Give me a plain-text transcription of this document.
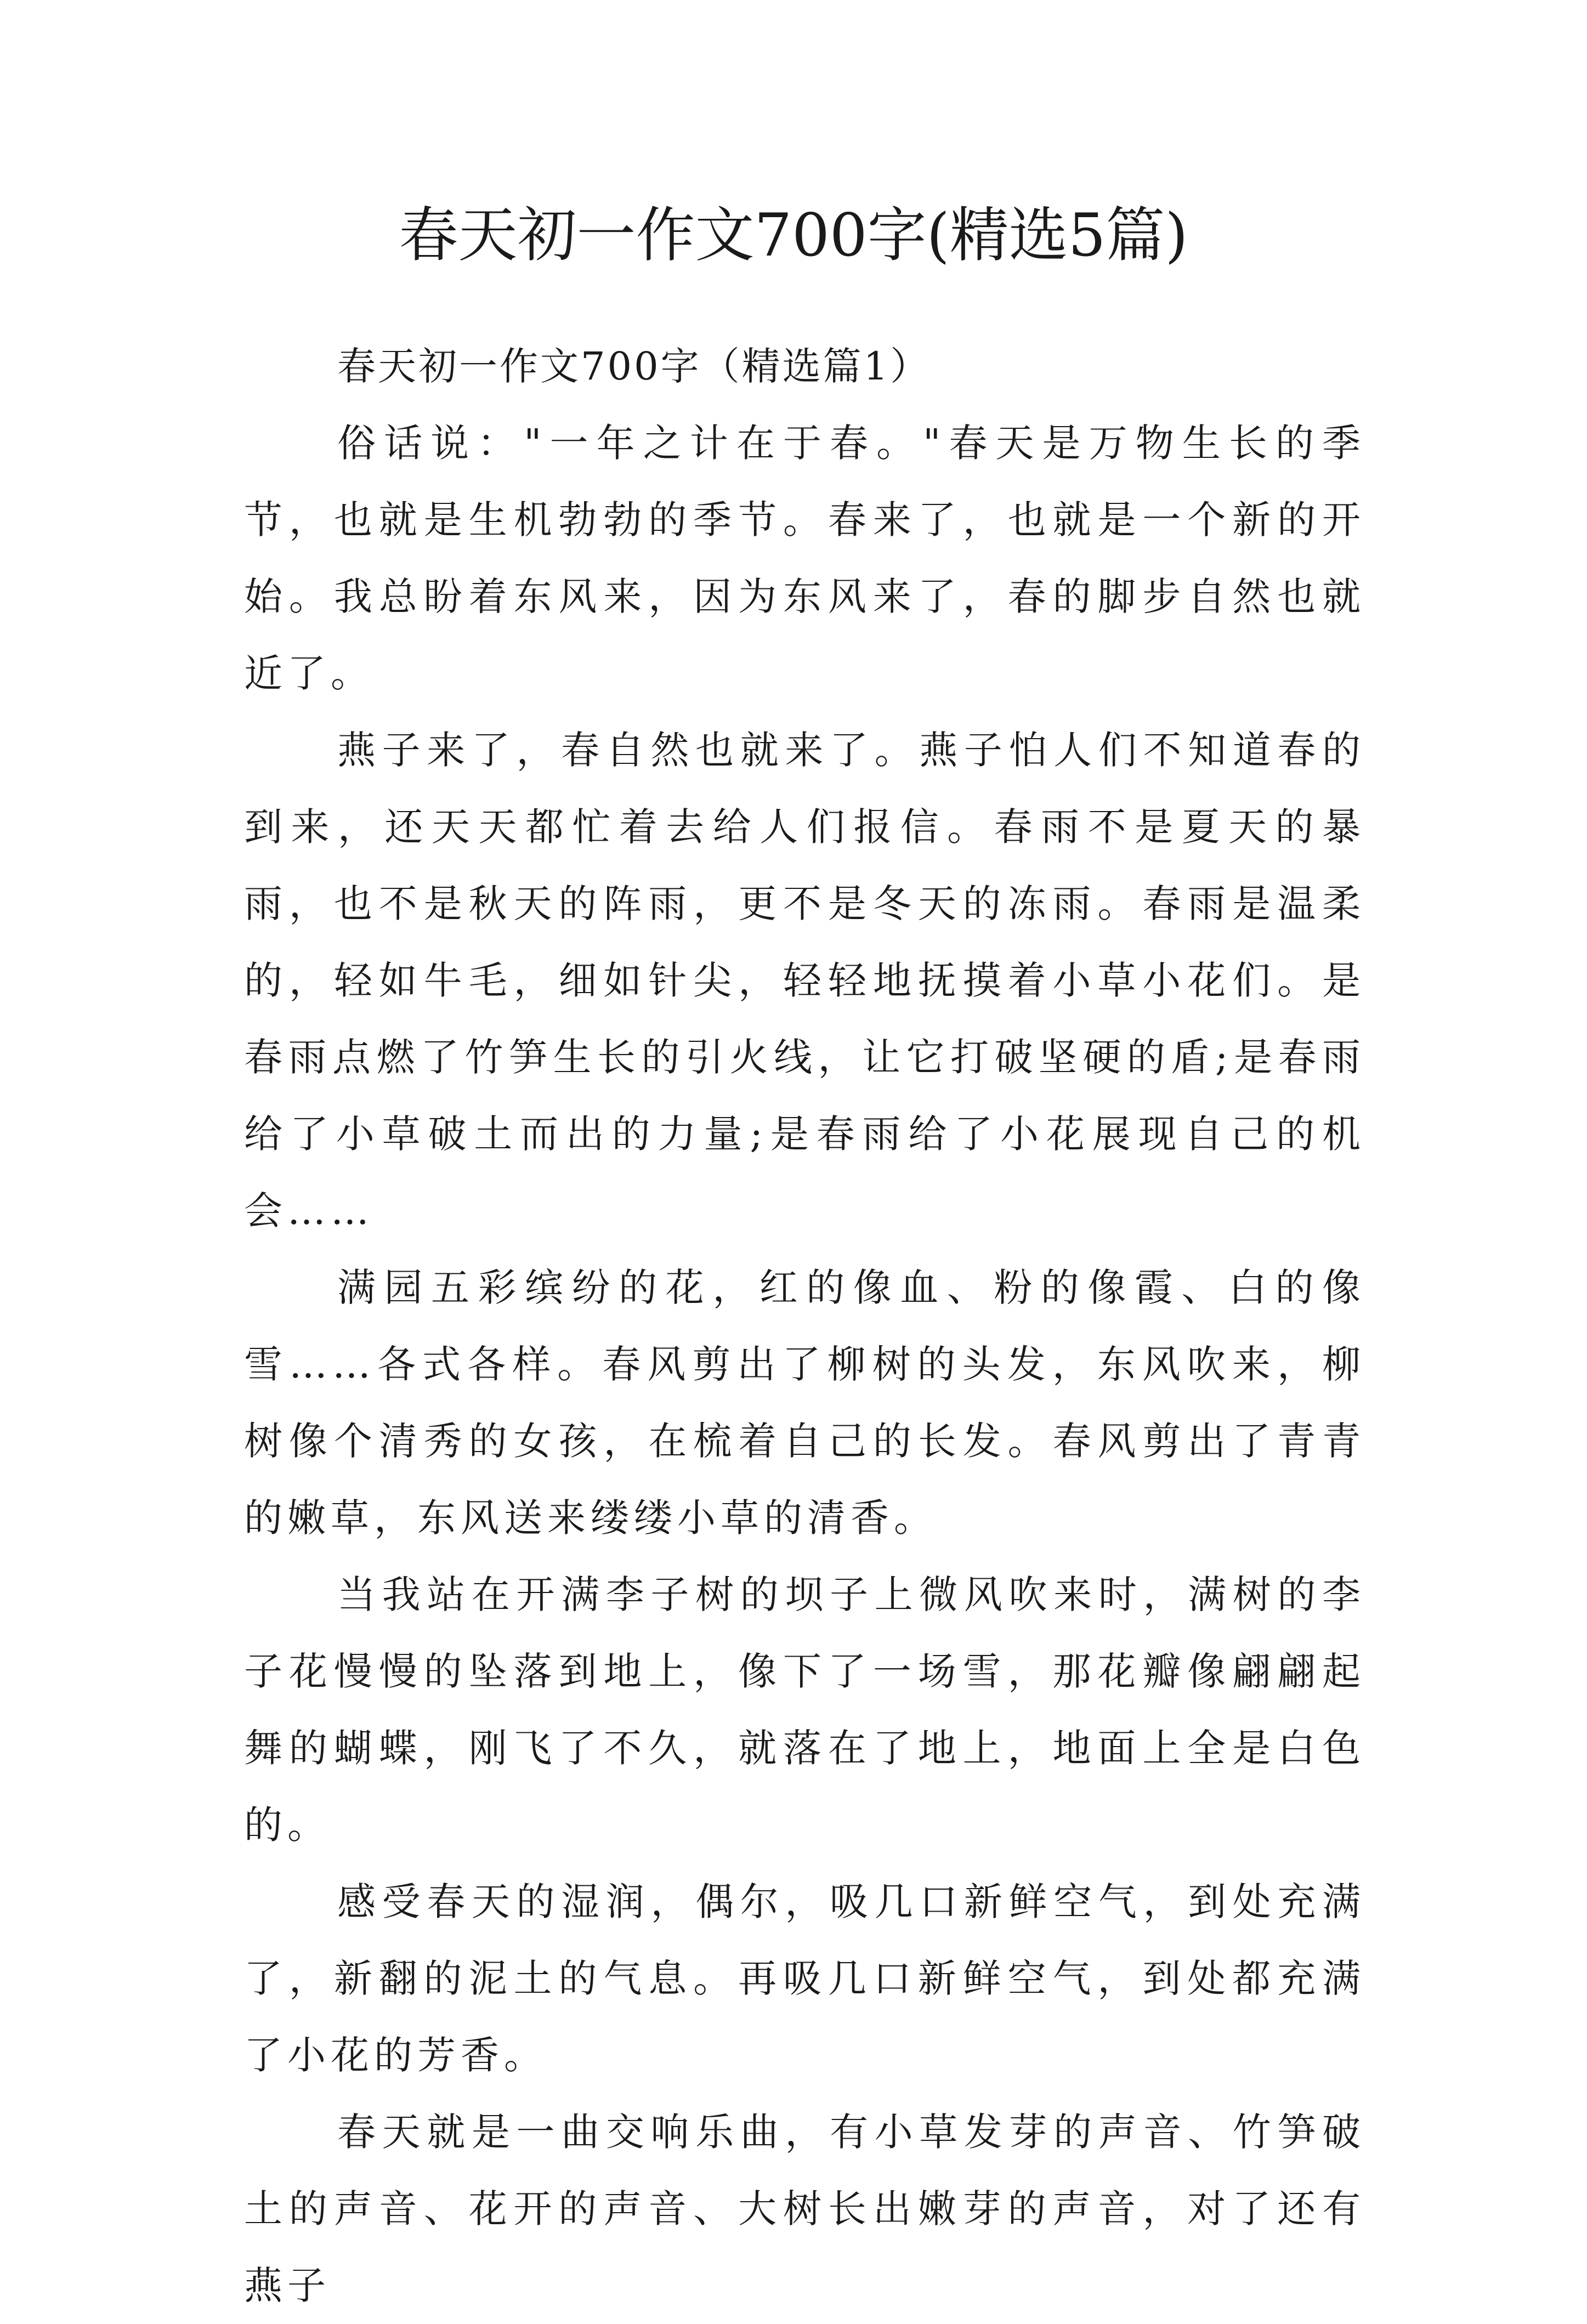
春天初一作文700字(精选5篇)

春天初一作文700字（精选篇1）

俗话说："一年之计在于春。"春天是万物生长的季节，也就是生机勃勃的季节。春来了，也就是一个新的开始。我总盼着东风来，因为东风来了，春的脚步自然也就近了。

燕子来了，春自然也就来了。燕子怕人们不知道春的到来，还天天都忙着去给人们报信。春雨不是夏天的暴雨，也不是秋天的阵雨，更不是冬天的冻雨。春雨是温柔的，轻如牛毛，细如针尖，轻轻地抚摸着小草小花们。是春雨点燃了竹笋生长的引火线，让它打破坚硬的盾;是春雨给了小草破土而出的力量;是春雨给了小花展现自己的机会……

满园五彩缤纷的花，红的像血、粉的像霞、白的像雪……各式各样。春风剪出了柳树的头发，东风吹来，柳树像个清秀的女孩，在梳着自己的长发。春风剪出了青青的嫩草，东风送来缕缕小草的清香。

当我站在开满李子树的坝子上微风吹来时，满树的李子花慢慢的坠落到地上，像下了一场雪，那花瓣像翩翩起舞的蝴蝶，刚飞了不久，就落在了地上，地面上全是白色的。

感受春天的湿润，偶尔，吸几口新鲜空气，到处充满了，新翻的泥土的气息。再吸几口新鲜空气，到处都充满了小花的芳香。

春天就是一曲交响乐曲，有小草发芽的声音、竹笋破土的声音、花开的声音、大树长出嫩芽的声音，对了还有燕子
